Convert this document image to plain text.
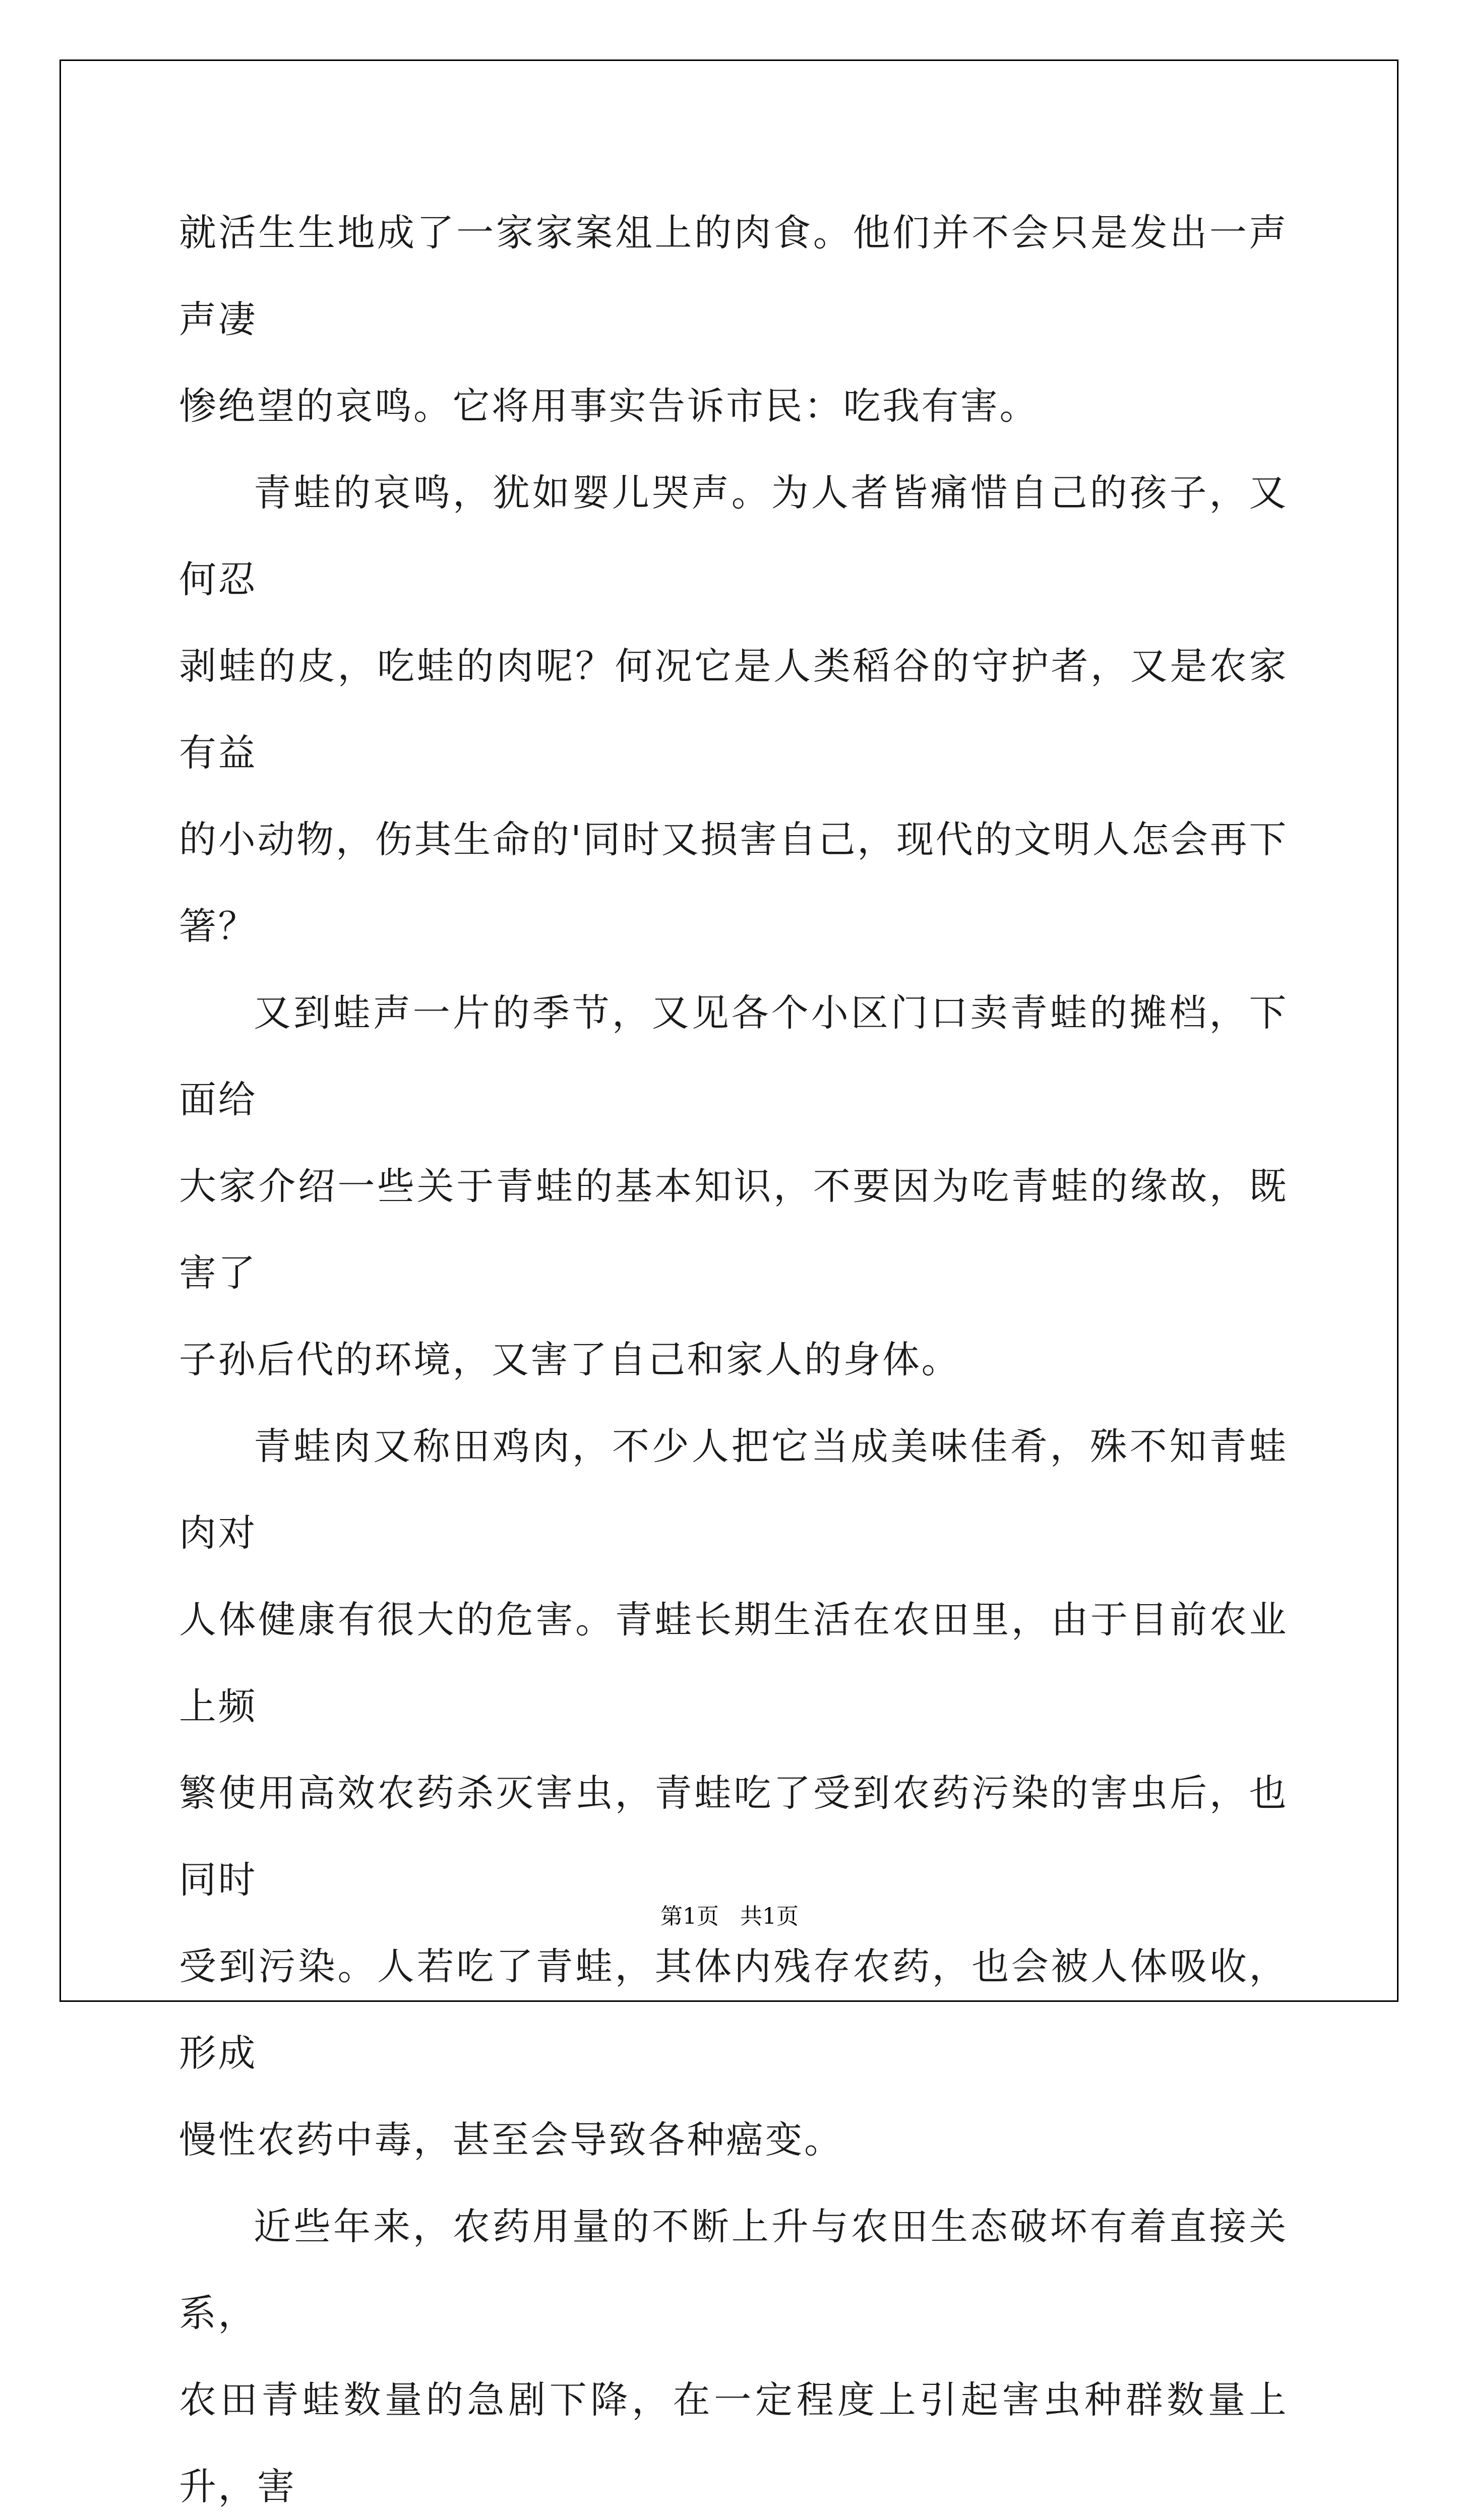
就活生生地成了一家家案俎上的肉食。他们并不会只是发出一声声凄
惨绝望的哀鸣。它将用事实告诉市民：吃我有害。

青蛙的哀鸣，犹如婴儿哭声。为人者皆痛惜自己的孩子，又何忍
剥蛙的皮，吃蛙的肉呢？何况它是人类稻谷的守护者，又是农家有益
的小动物，伤其生命的'同时又损害自己，现代的文明人怎会再下箸？

又到蛙声一片的季节，又见各个小区门口卖青蛙的摊档，下面给
大家介绍一些关于青蛙的基本知识，不要因为吃青蛙的缘故，既害了
子孙后代的环境，又害了自己和家人的身体。

青蛙肉又称田鸡肉，不少人把它当成美味佳肴，殊不知青蛙肉对
人体健康有很大的危害。青蛙长期生活在农田里，由于目前农业上频
繁使用高效农药杀灭害虫，青蛙吃了受到农药污染的害虫后，也同时
受到污染。人若吃了青蛙，其体内残存农药，也会被人体吸收，形成
慢性农药中毒，甚至会导致各种癌变。

近些年来，农药用量的不断上升与农田生态破坏有着直接关系，
农田青蛙数量的急剧下降，在一定程度上引起害虫种群数量上升，害

第1页   共1页
